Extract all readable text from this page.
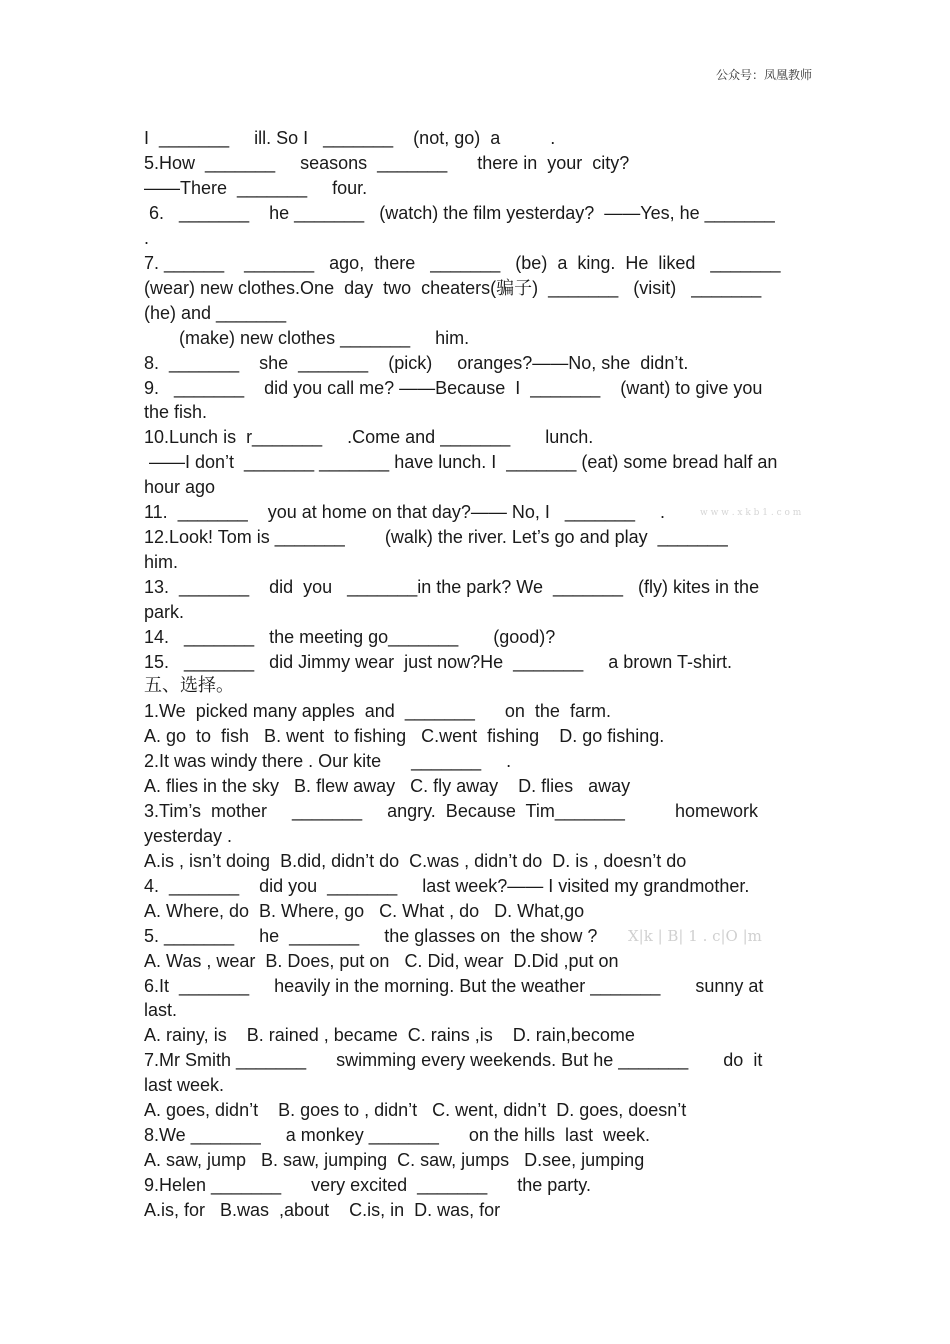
公众号：凤凰教师
I  _______     ill. So I   _______    (not, go)  a          .
5.How  _______     seasons  _______      there in  your  city?
——There  _______     four.
6.   _______    he _______   (watch) the film yesterday?  ——Yes, he _______
.
7. ______    _______   ago,  there   _______   (be)  a  king.  He  liked   _______
(wear) new clothes.One  day  two  cheaters(骗子)  _______   (visit)   _______
(he) and _______
(make) new clothes _______     him.
8.  _______    she  _______    (pick)     oranges?——No, she  didn’t.
9.   _______    did you call me? ——Because  I  _______    (want) to give you
the fish.
10.Lunch is  r_______     .Come and _______       lunch.
——I don’t  _______ _______ have lunch. I  _______ (eat) some bread half an
hour ago
11.  _______    you at home on that day?—— No, I   _______     .
12.Look! Tom is _______        (walk) the river. Let’s go and play  _______
him.
13.  _______    did  you   _______in the park? We  _______   (fly) kites in the
park.
14.   _______   the meeting go_______       (good)?
15.   _______   did Jimmy wear  just now?He  _______     a brown T-shirt.
五、选择。
1.We  picked many apples  and  _______      on  the  farm.
A. go  to  fish   B. went  to fishing   C.went  fishing    D. go fishing.
2.It was windy there . Our kite      _______     .
A. flies in the sky   B. flew away   C. fly away    D. flies   away
3.Tim’s  mother     _______     angry.  Because  Tim_______          homework
yesterday .
A.is , isn’t doing  B.did, didn’t do  C.was , didn’t do  D. is , doesn’t do
4.  _______    did you  _______     last week?—— I visited my grandmother.
A. Where, do  B. Where, go   C. What , do   D. What,go
5. _______     he  _______     the glasses on  the show ?
A. Was , wear  B. Does, put on   C. Did, wear  D.Did ,put on
6.It  _______     heavily in the morning. But the weather _______       sunny at
last.
A. rainy, is    B. rained , became  C. rains ,is    D. rain,become
7.Mr Smith _______      swimming every weekends. But he _______       do  it
last week.
A. goes, didn’t    B. goes to , didn’t   C. went, didn’t  D. goes, doesn’t
8.We _______     a monkey _______      on the hills  last  week.
A. saw, jump   B. saw, jumping  C. saw, jumps   D.see, jumping
9.Helen _______      very excited  _______      the party.
A.is, for   B.was  ,about    C.is, in  D. was, for
w w w . x k b 1 . c o m
X|k | B| 1 . c|O |m
